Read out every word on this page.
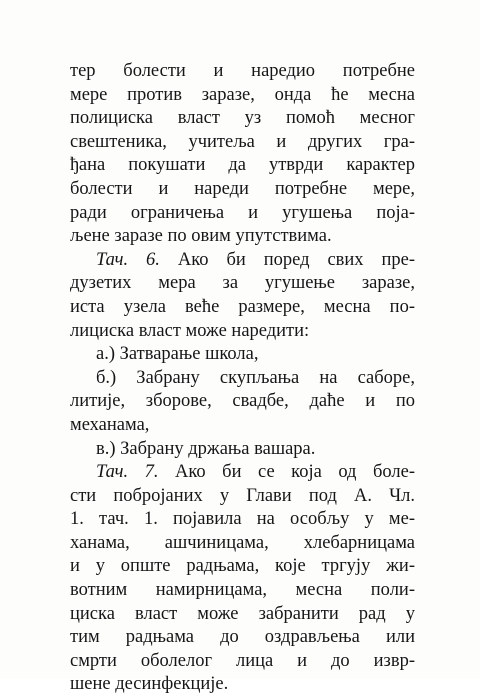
тер болести и наредио потребне
мере против заразе, онда ће месна
полициска власт уз помоћ месног
свештеника, учитеља и других гра-
ђана покушати да утврди карактер
болести и нареди потребне мере,
ради ограничења и угушења поја-
љене заразе по овим упутствима.
Тач. 6. Ако би поред свих пре-
дузетих мера за угушење заразе,
иста узела веће размере, месна по-
лициска власт може наредити:
а.) Затварање школа,
б.) Забрану скупљања на саборе,
литије, зборове, свадбе, даће и по
механама,
в.) Забрану држања вашара.
Тач. 7. Ако би се која од боле-
сти побројаних у Глави под А. Чл.
1. тач. 1. појавила на особљу у ме-
ханама, ашчиницама, хлебарницама
и у опште радњама, које тргују жи-
вотним намирницама, месна поли-
циска власт може забранити рад у
тим радњама до оздрављења или
смрти оболелог лица и до извр-
шене десинфекције.
